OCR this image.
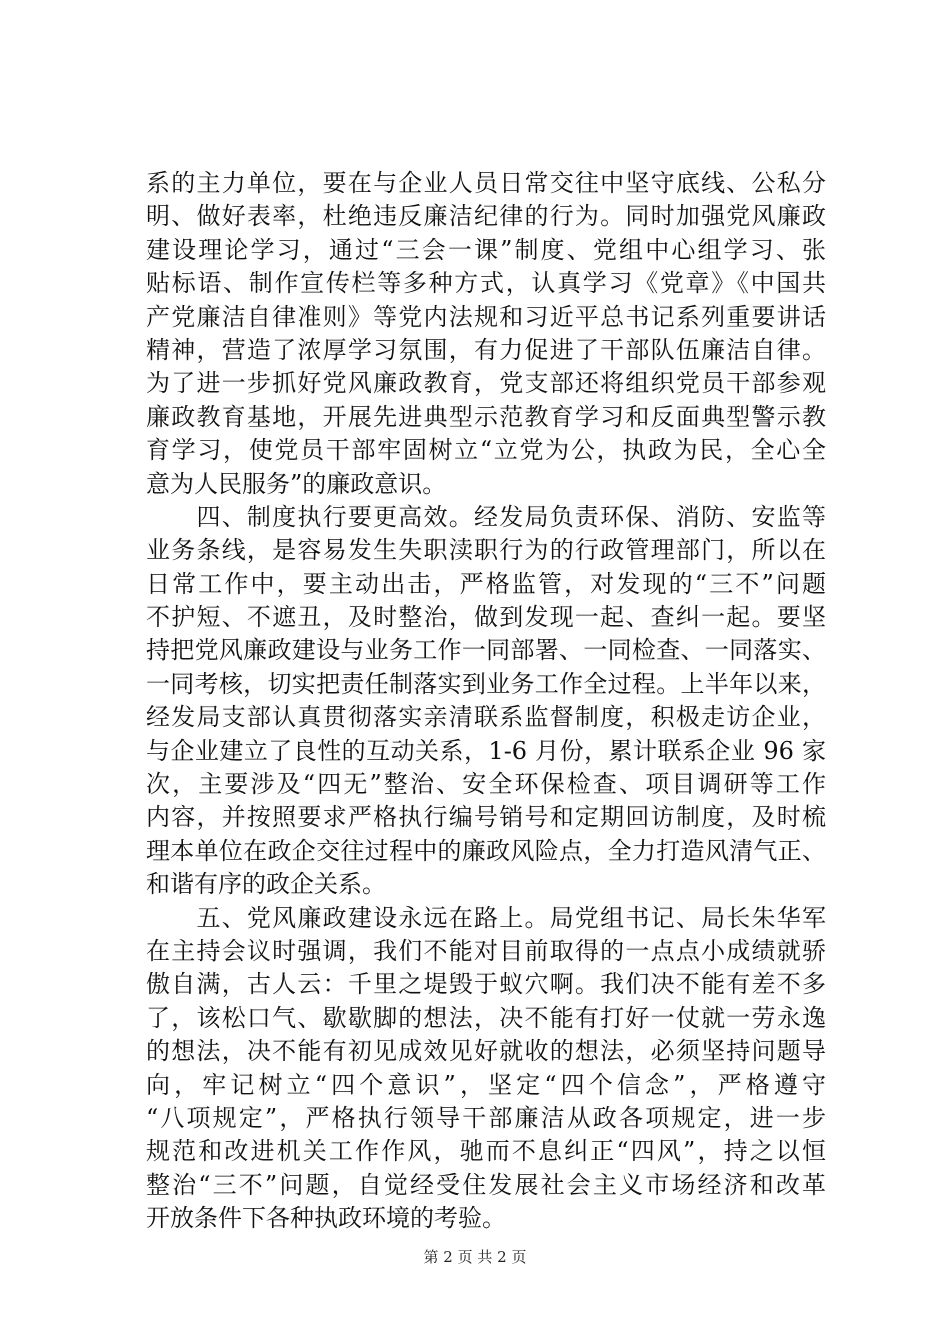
系的主力单位，要在与企业人员日常交往中坚守底线、公私分
明、做好表率，杜绝违反廉洁纪律的行为。同时加强党风廉政
建设理论学习，通过“三会一课”制度、党组中心组学习、张
贴标语、制作宣传栏等多种方式，认真学习《党章》《中国共
产党廉洁自律准则》等党内法规和习近平总书记系列重要讲话
精神，营造了浓厚学习氛围，有力促进了干部队伍廉洁自律。
为了进一步抓好党风廉政教育，党支部还将组织党员干部参观
廉政教育基地，开展先进典型示范教育学习和反面典型警示教
育学习，使党员干部牢固树立“立党为公，执政为民，全心全
意为人民服务”的廉政意识。
　　四、制度执行要更高效。经发局负责环保、消防、安监等
业务条线，是容易发生失职渎职行为的行政管理部门，所以在
日常工作中，要主动出击，严格监管，对发现的“三不”问题
不护短、不遮丑，及时整治，做到发现一起、查纠一起。要坚
持把党风廉政建设与业务工作一同部署、一同检查、一同落实、
一同考核，切实把责任制落实到业务工作全过程。上半年以来，
经发局支部认真贯彻落实亲清联系监督制度，积极走访企业，
与企业建立了良性的互动关系，1-6 月份，累计联系企业 96 家
次，主要涉及“四无”整治、安全环保检查、项目调研等工作
内容，并按照要求严格执行编号销号和定期回访制度，及时梳
理本单位在政企交往过程中的廉政风险点，全力打造风清气正、
和谐有序的政企关系。
　　五、党风廉政建设永远在路上。局党组书记、局长朱华军
在主持会议时强调，我们不能对目前取得的一点点小成绩就骄
傲自满，古人云：千里之堤毁于蚁穴啊。我们决不能有差不多
了，该松口气、歇歇脚的想法，决不能有打好一仗就一劳永逸
的想法，决不能有初见成效见好就收的想法，必须坚持问题导
向，牢记树立“四个意识”，坚定“四个信念”，严格遵守
“八项规定”，严格执行领导干部廉洁从政各项规定，进一步
规范和改进机关工作作风，驰而不息纠正“四风”，持之以恒
整治“三不”问题，自觉经受住发展社会主义市场经济和改革
开放条件下各种执政环境的考验。
第 2 页 共 2 页
